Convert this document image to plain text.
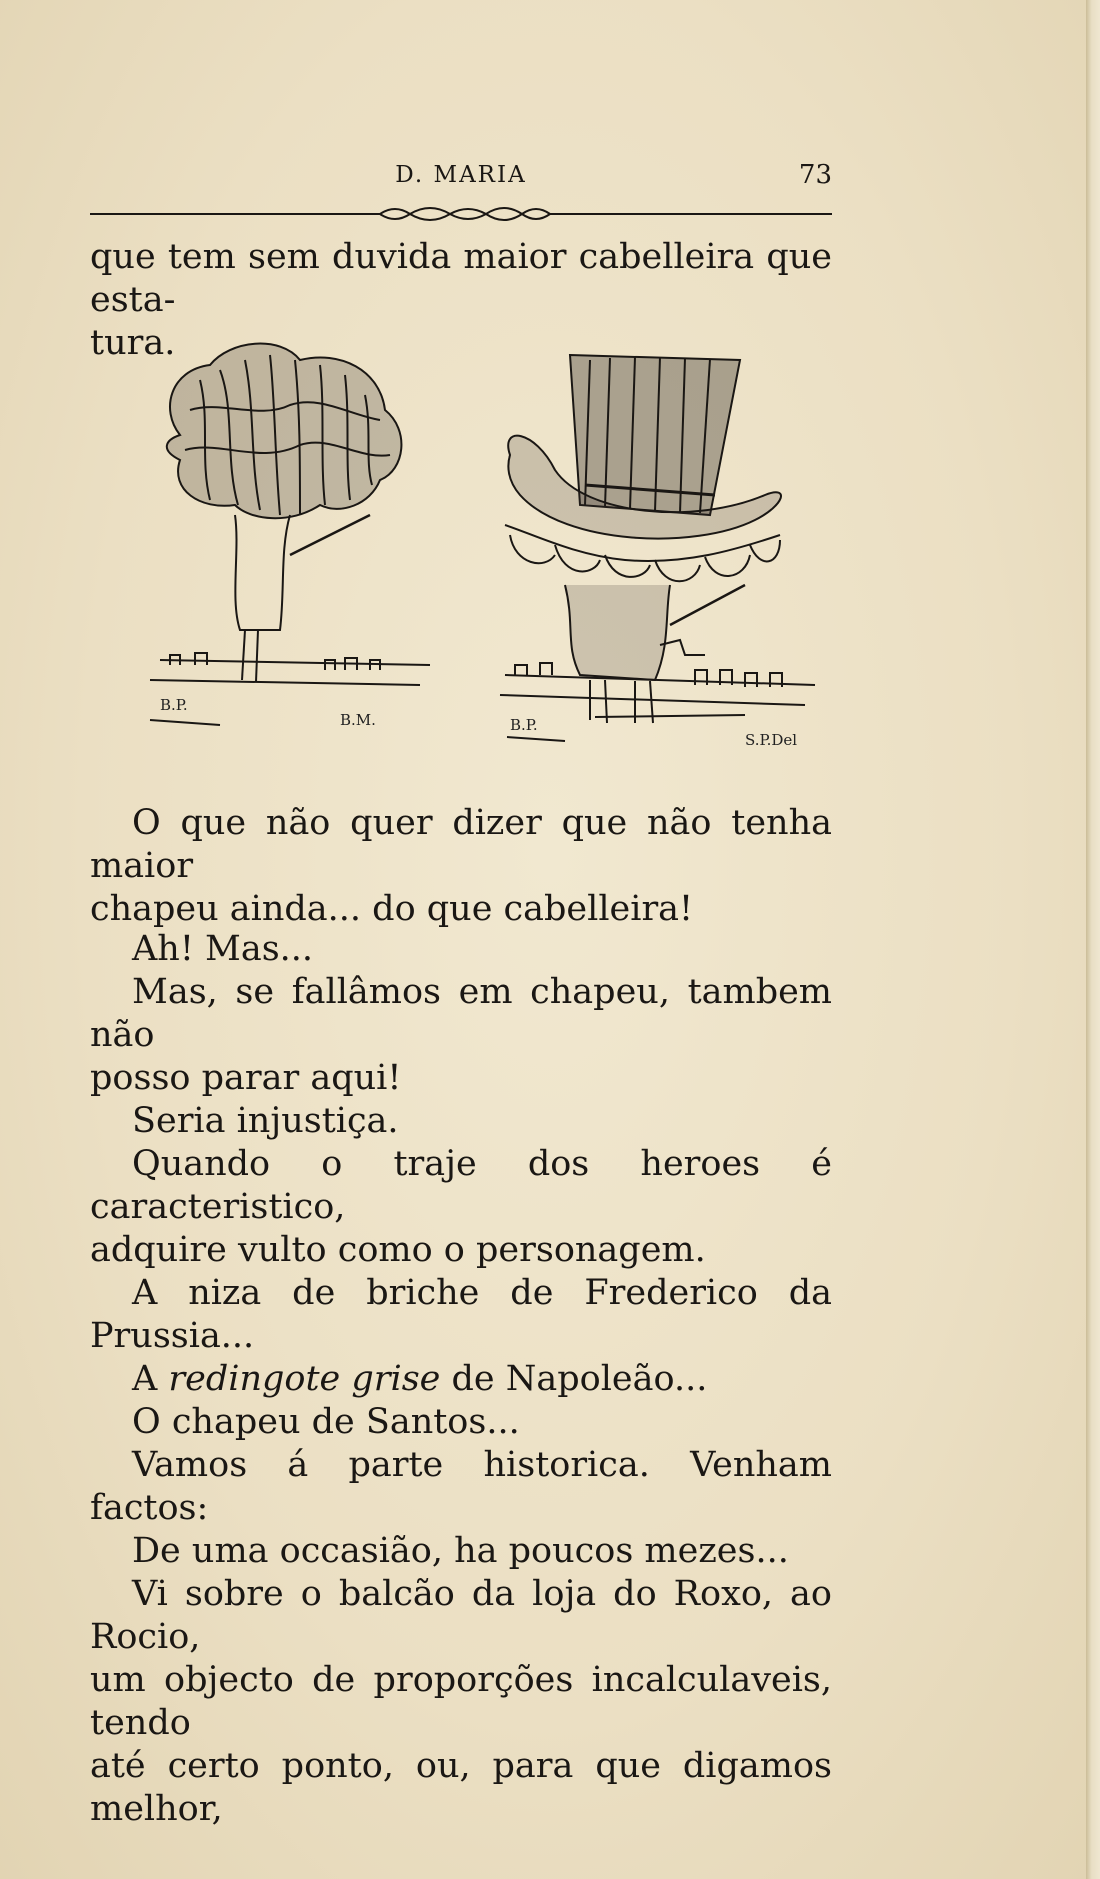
D. MARIA	73

que tem sem duvida maior cabelleira que esta-

tura.

B.P.
B.M.	B.P.
S.P.Del

O que não quer dizer que não tenha maior

chapeu ainda... do que cabelleira!

Ah! Mas...

Mas, se fallâmos em chapeu, tambem não

posso parar aqui!

Seria injustiça.

Quando o traje dos heroes é caracteristico,

adquire vulto como o personagem.

A niza de briche de Frederico da Prussia...

A redingote grise de Napoleão...

O chapeu de Santos...

Vamos á parte historica. Venham factos:

De uma occasião, ha poucos mezes...

Vi sobre o balcão da loja do Roxo, ao Rocio,

um objecto de proporções incalculaveis, tendo

até certo ponto, ou, para que digamos melhor,
